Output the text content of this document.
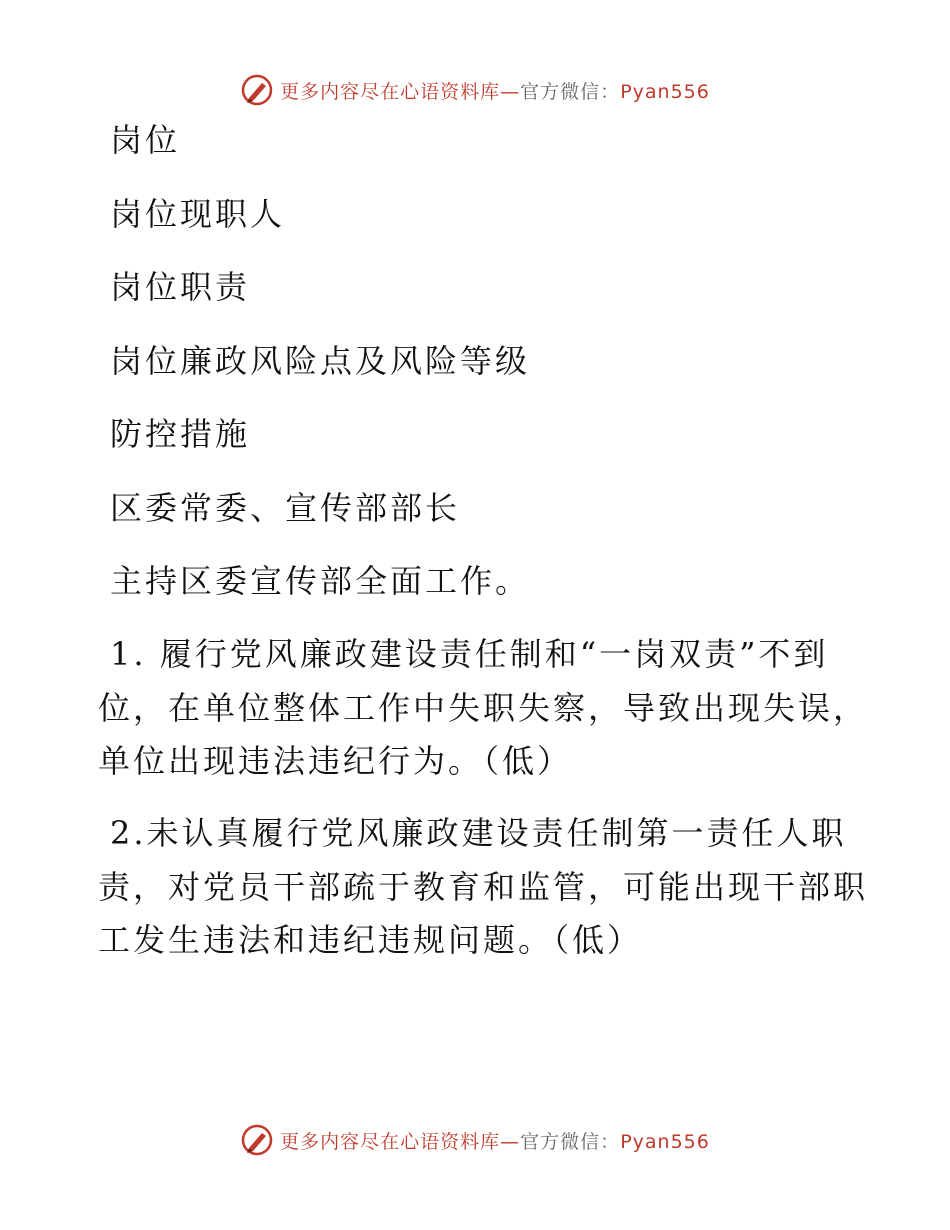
更多内容尽在心语资料库—官方微信：Pyan556

岗位

岗位现职人

岗位职责

岗位廉政风险点及风险等级

防控措施

区委常委、宣传部部长

主持区委宣传部全面工作。

1. 履行党风廉政建设责任制和“一岗双责”不到
位，在单位整体工作中失职失察，导致出现失误，
单位出现违法违纪行为。（低）
2.未认真履行党风廉政建设责任制第一责任人职
责，对党员干部疏于教育和监管，可能出现干部职
工发生违法和违纪违规问题。（低）
更多内容尽在心语资料库—官方微信：Pyan556
